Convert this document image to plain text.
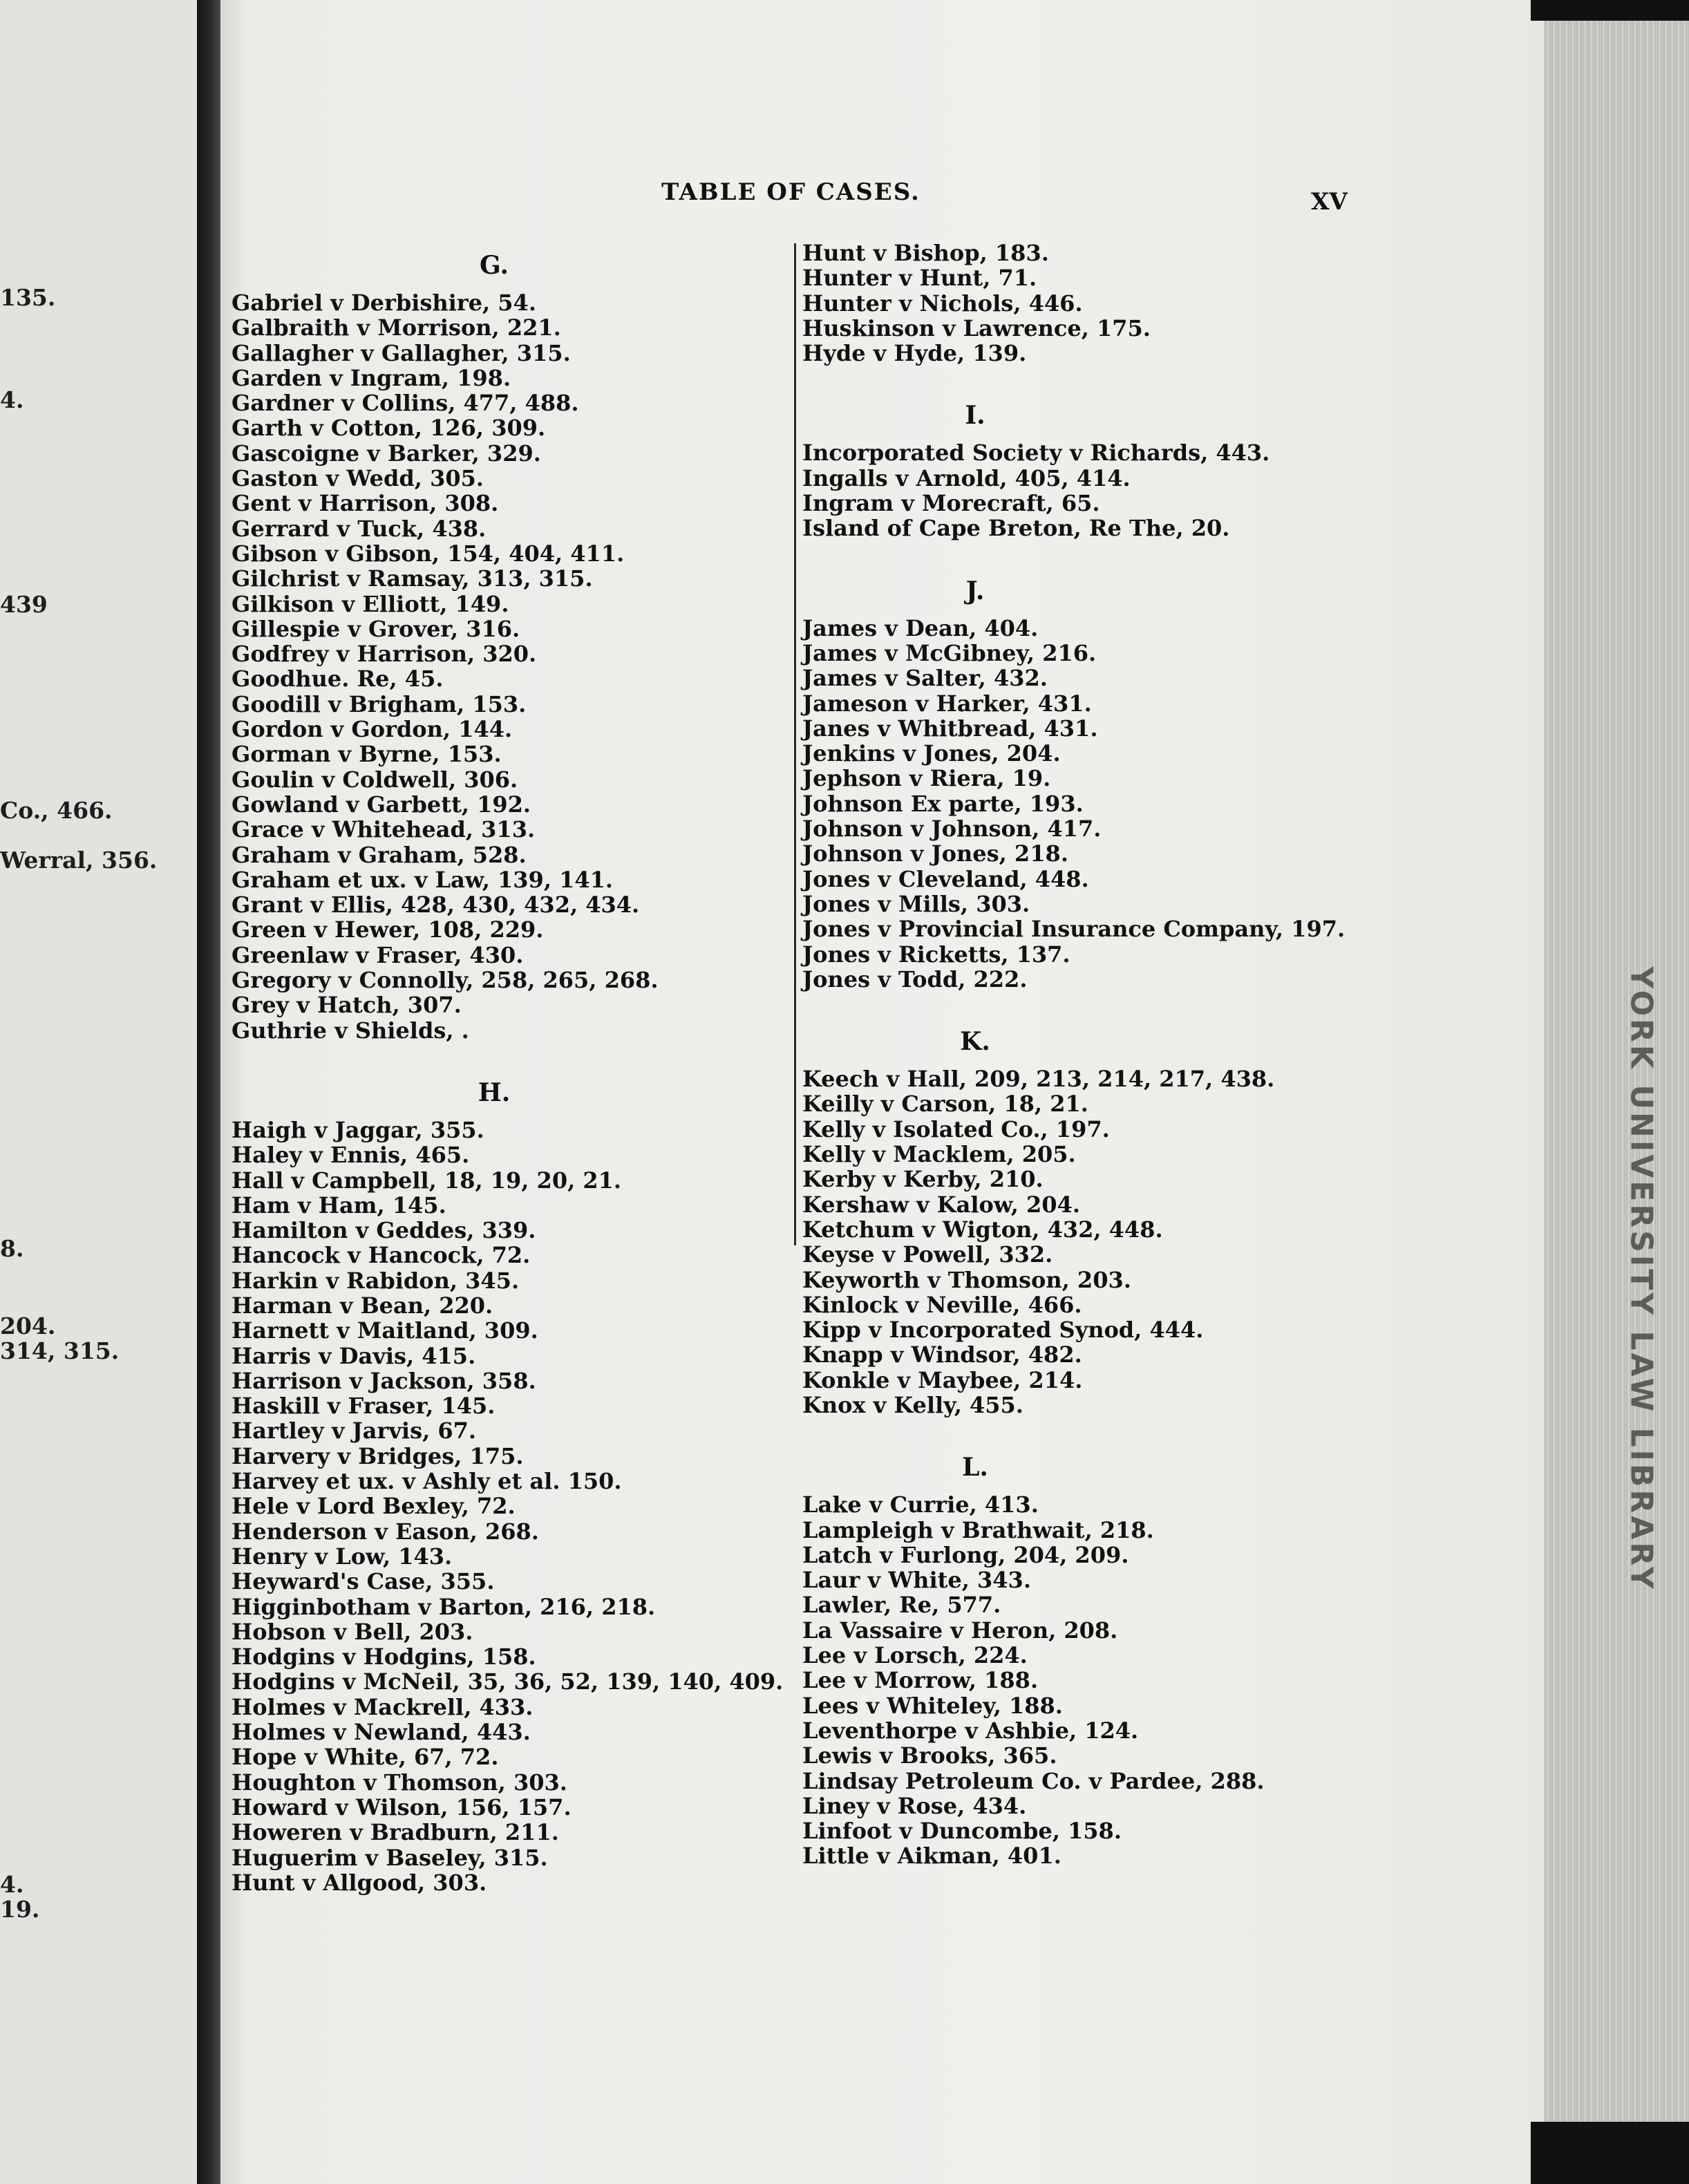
135.
4.
439
Co., 466.
Werral, 356.
8.
204.
314, 315.
4.
19.
TABLE OF CASES.	XV
G.
Gabriel v Derbishire, 54.
Galbraith v Morrison, 221.
Gallagher v Gallagher, 315.
Garden v Ingram, 198.
Gardner v Collins, 477, 488.
Garth v Cotton, 126, 309.
Gascoigne v Barker, 329.
Gaston v Wedd, 305.
Gent v Harrison, 308.
Gerrard v Tuck, 438.
Gibson v Gibson, 154, 404, 411.
Gilchrist v Ramsay, 313, 315.
Gilkison v Elliott, 149.
Gillespie v Grover, 316.
Godfrey v Harrison, 320.
Goodhue. Re, 45.
Goodill v Brigham, 153.
Gordon v Gordon, 144.
Gorman v Byrne, 153.
Goulin v Coldwell, 306.
Gowland v Garbett, 192.
Grace v Whitehead, 313.
Graham v Graham, 528.
Graham et ux. v Law, 139, 141.
Grant v Ellis, 428, 430, 432, 434.
Green v Hewer, 108, 229.
Greenlaw v Fraser, 430.
Gregory v Connolly, 258, 265, 268.
Grey v Hatch, 307.
Guthrie v Shields, .
H.
Haigh v Jaggar, 355.
Haley v Ennis, 465.
Hall v Campbell, 18, 19, 20, 21.
Ham v Ham, 145.
Hamilton v Geddes, 339.
Hancock v Hancock, 72.
Harkin v Rabidon, 345.
Harman v Bean, 220.
Harnett v Maitland, 309.
Harris v Davis, 415.
Harrison v Jackson, 358.
Haskill v Fraser, 145.
Hartley v Jarvis, 67.
Harvery v Bridges, 175.
Harvey et ux. v Ashly et al. 150.
Hele v Lord Bexley, 72.
Henderson v Eason, 268.
Henry v Low, 143.
Heyward's Case, 355.
Higginbotham v Barton, 216, 218.
Hobson v Bell, 203.
Hodgins v Hodgins, 158.
Hodgins v McNeil, 35, 36, 52, 139, 140, 409.
Holmes v Mackrell, 433.
Holmes v Newland, 443.
Hope v White, 67, 72.
Houghton v Thomson, 303.
Howard v Wilson, 156, 157.
Howeren v Bradburn, 211.
Huguerim v Baseley, 315.
Hunt v Allgood, 303.
Hunt v Bishop, 183.
Hunter v Hunt, 71.
Hunter v Nichols, 446.
Huskinson v Lawrence, 175.
Hyde v Hyde, 139.
I.
Incorporated Society v Richards, 443.
Ingalls v Arnold, 405, 414.
Ingram v Morecraft, 65.
Island of Cape Breton, Re The, 20.
J.
James v Dean, 404.
James v McGibney, 216.
James v Salter, 432.
Jameson v Harker, 431.
Janes v Whitbread, 431.
Jenkins v Jones, 204.
Jephson v Riera, 19.
Johnson Ex parte, 193.
Johnson v Johnson, 417.
Johnson v Jones, 218.
Jones v Cleveland, 448.
Jones v Mills, 303.
Jones v Provincial Insurance Company, 197.
Jones v Ricketts, 137.
Jones v Todd, 222.
K.
Keech v Hall, 209, 213, 214, 217, 438.
Keilly v Carson, 18, 21.
Kelly v Isolated Co., 197.
Kelly v Macklem, 205.
Kerby v Kerby, 210.
Kershaw v Kalow, 204.
Ketchum v Wigton, 432, 448.
Keyse v Powell, 332.
Keyworth v Thomson, 203.
Kinlock v Neville, 466.
Kipp v Incorporated Synod, 444.
Knapp v Windsor, 482.
Konkle v Maybee, 214.
Knox v Kelly, 455.
L.
Lake v Currie, 413.
Lampleigh v Brathwait, 218.
Latch v Furlong, 204, 209.
Laur v White, 343.
Lawler, Re, 577.
La Vassaire v Heron, 208.
Lee v Lorsch, 224.
Lee v Morrow, 188.
Lees v Whiteley, 188.
Leventhorpe v Ashbie, 124.
Lewis v Brooks, 365.
Lindsay Petroleum Co. v Pardee, 288.
Liney v Rose, 434.
Linfoot v Duncombe, 158.
Little v Aikman, 401.
YORK UNIVERSITY LAW LIBRARY
